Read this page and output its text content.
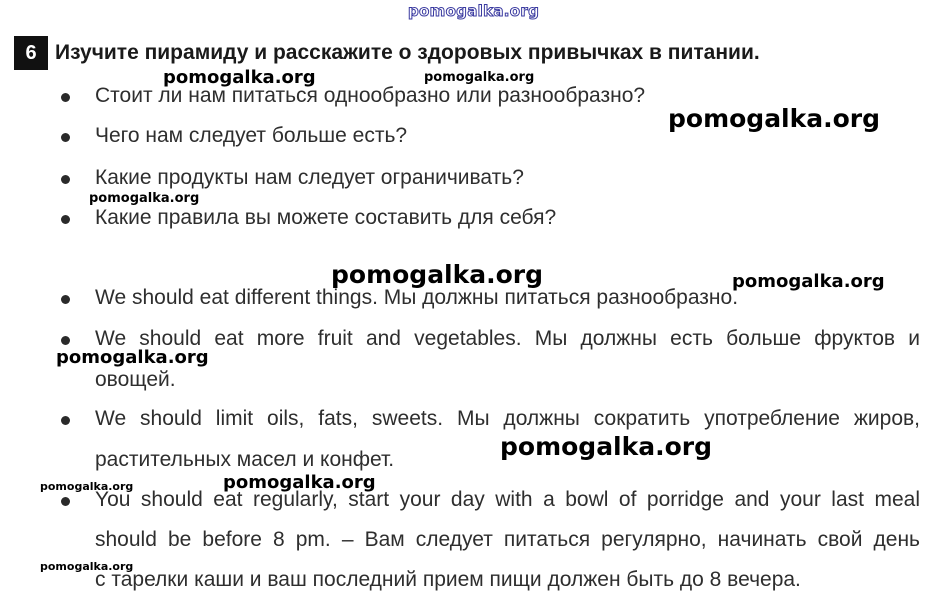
6 Изучите пирамиду и расскажите о здоровых привычках в питании.
Стоит ли нам питаться однообразно или разнообразно?
Чего нам следует больше есть?
Какие продукты нам следует ограничивать?
Какие правила вы можете составить для себя?
We should eat different things. Мы должны питаться разнообразно.
We should eat more fruit and vegetables. Мы должны есть больше фруктов и
овощей.
We should limit oils, fats, sweets. Мы должны сократить употребление жиров,
растительных масел и конфет.
You should eat regularly, start your day with a bowl of porridge and your last meal
should be before 8 pm. – Вам следует питаться регулярно, начинать свой день
с тарелки каши и ваш последний прием пищи должен быть до 8 вечера.
pomogalka.org
pomogalka.org	pomogalka.org
pomogalka.org
pomogalka.org
pomogalka.org	pomogalka.org
pomogalka.org
pomogalka.org
pomogalka.org
pomogalka.org
pomogalka.org
